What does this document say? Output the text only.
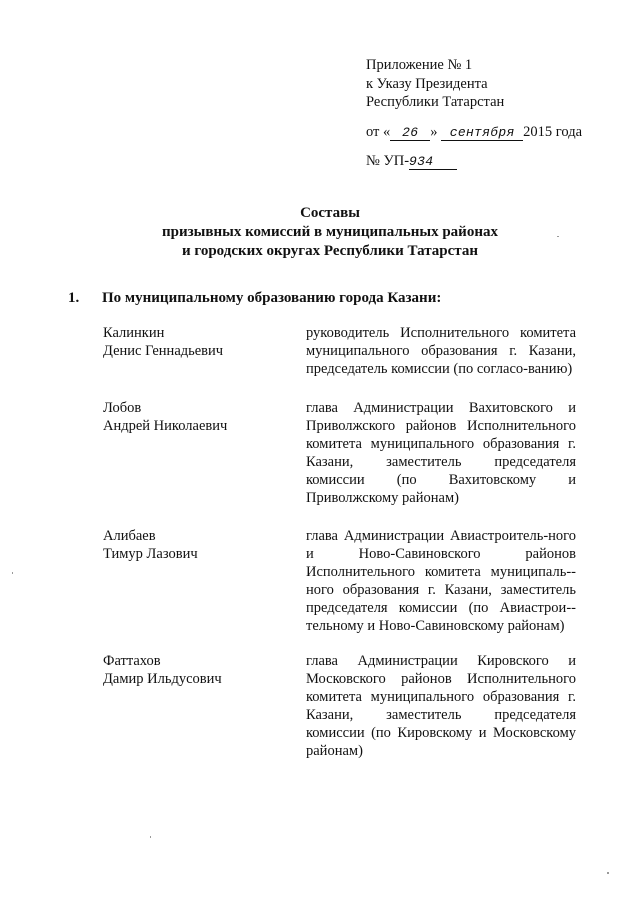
Приложение № 1
к Указу Президента
Республики Татарстан
от « 26 » сентября 2015 года
№ УП-934
Составы
призывных комиссий в муниципальных районах
и городских округах Республики Татарстан
1. По муниципальному образованию города Казани:
Калинкин
Денис Геннадьевич
руководитель Исполнительного комитета муниципального образования г. Казани, председатель комиссии (по согласо-ванию)
Лобов
Андрей Николаевич
глава Администрации Вахитовского и Приволжского районов Исполнительного комитета муниципального образования г. Казани, заместитель председателя комиссии (по Вахитовскому и Приволжскому районам)
Алибаев
Тимур Лазович
глава Администрации Авиастроитель-ного и Ново-Савиновского районов Исполнительного комитета муниципаль-ного образования г. Казани, заместитель председателя комиссии (по Авиастрои-тельному и Ново-Савиновскому районам)
Фаттахов
Дамир Ильдусович
глава Администрации Кировского и Московского районов Исполнительного комитета муниципального образования г. Казани, заместитель председателя комиссии (по Кировскому и Московскому районам)
